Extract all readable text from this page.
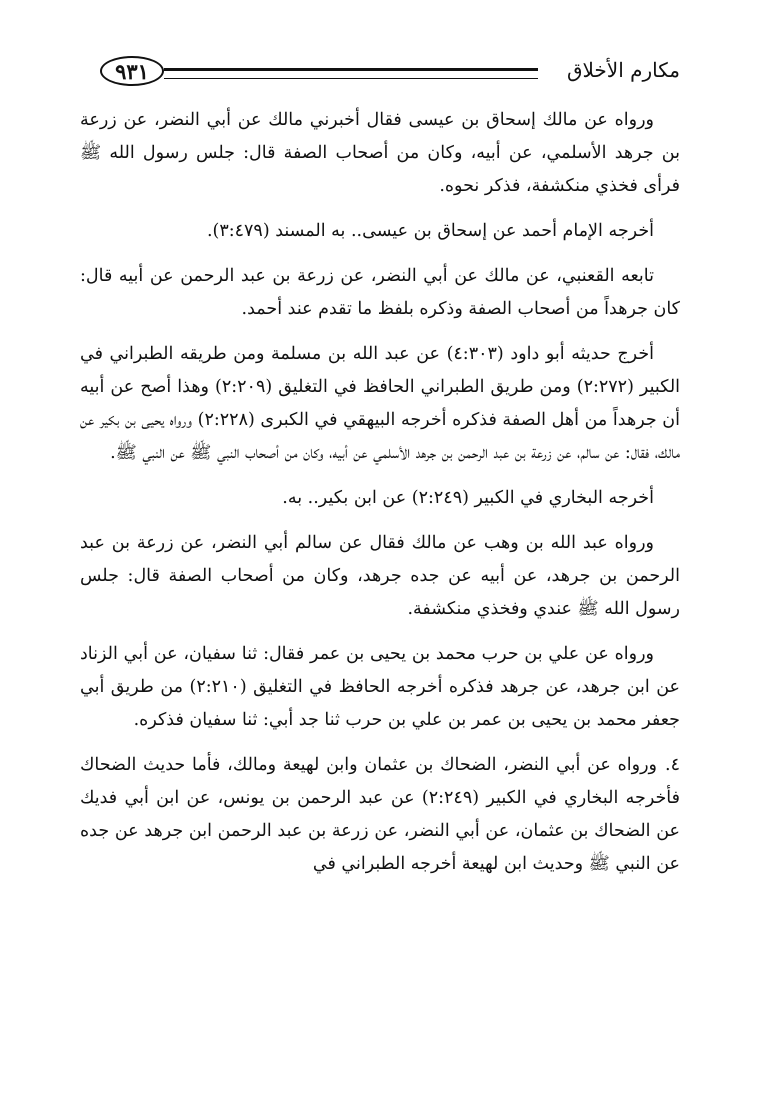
مكارم الأخلاق
٩٣١

ورواه عن مالك إسحاق بن عيسى فقال أخبرني مالك عن أبي النضر، عن زرعة بن جرهد الأسلمي، عن أبيه، وكان من أصحاب الصفة قال: جلس رسول الله ﷺ فرأى فخذي منكشفة، فذكر نحوه.

أخرجه الإمام أحمد عن إسحاق بن عيسى.. به المسند (٣:٤٧٩).

تابعه القعنبي، عن مالك عن أبي النضر، عن زرعة بن عبد الرحمن عن أبيه قال: كان جرهداً من أصحاب الصفة وذكره بلفظ ما تقدم عند أحمد.

أخرج حديثه أبو داود (٤:٣٠٣) عن عبد الله بن مسلمة ومن طريقه الطبراني في الكبير (٢:٢٧٢) ومن طريق الطبراني الحافظ في التغليق (٢:٢٠٩) وهذا أصح عن أبيه أن جرهداً من أهل الصفة فذكره أخرجه البيهقي في الكبرى (٢:٢٢٨) ورواه يحيى بن بكير عن مالك، فقال: عن سالم، عن زرعة بن عبد الرحمن بن جرهد الأسلمي عن أبيه، وكان من أصحاب النبي ﷺ عن النبي ﷺ.

أخرجه البخاري في الكبير (٢:٢٤٩) عن ابن بكير.. به.

ورواه عبد الله بن وهب عن مالك فقال عن سالم أبي النضر، عن زرعة بن عبد الرحمن بن جرهد، عن أبيه عن جده جرهد، وكان من أصحاب الصفة قال: جلس رسول الله ﷺ عندي وفخذي منكشفة.

ورواه عن علي بن حرب محمد بن يحيى بن عمر فقال: ثنا سفيان، عن أبي الزناد عن ابن جرهد، عن جرهد فذكره أخرجه الحافظ في التغليق (٢:٢١٠) من طريق أبي جعفر محمد بن يحيى بن عمر بن علي بن حرب ثنا جد أبي: ثنا سفيان فذكره.

٤.ورواه عن أبي النضر، الضحاك بن عثمان وابن لهيعة ومالك، فأما حديث الضحاك فأخرجه البخاري في الكبير (٢:٢٤٩) عن عبد الرحمن بن يونس، عن ابن أبي فديك عن الضحاك بن عثمان، عن أبي النضر، عن زرعة بن عبد الرحمن ابن جرهد عن جده عن النبي ﷺ وحديث ابن لهيعة أخرجه الطبراني في
